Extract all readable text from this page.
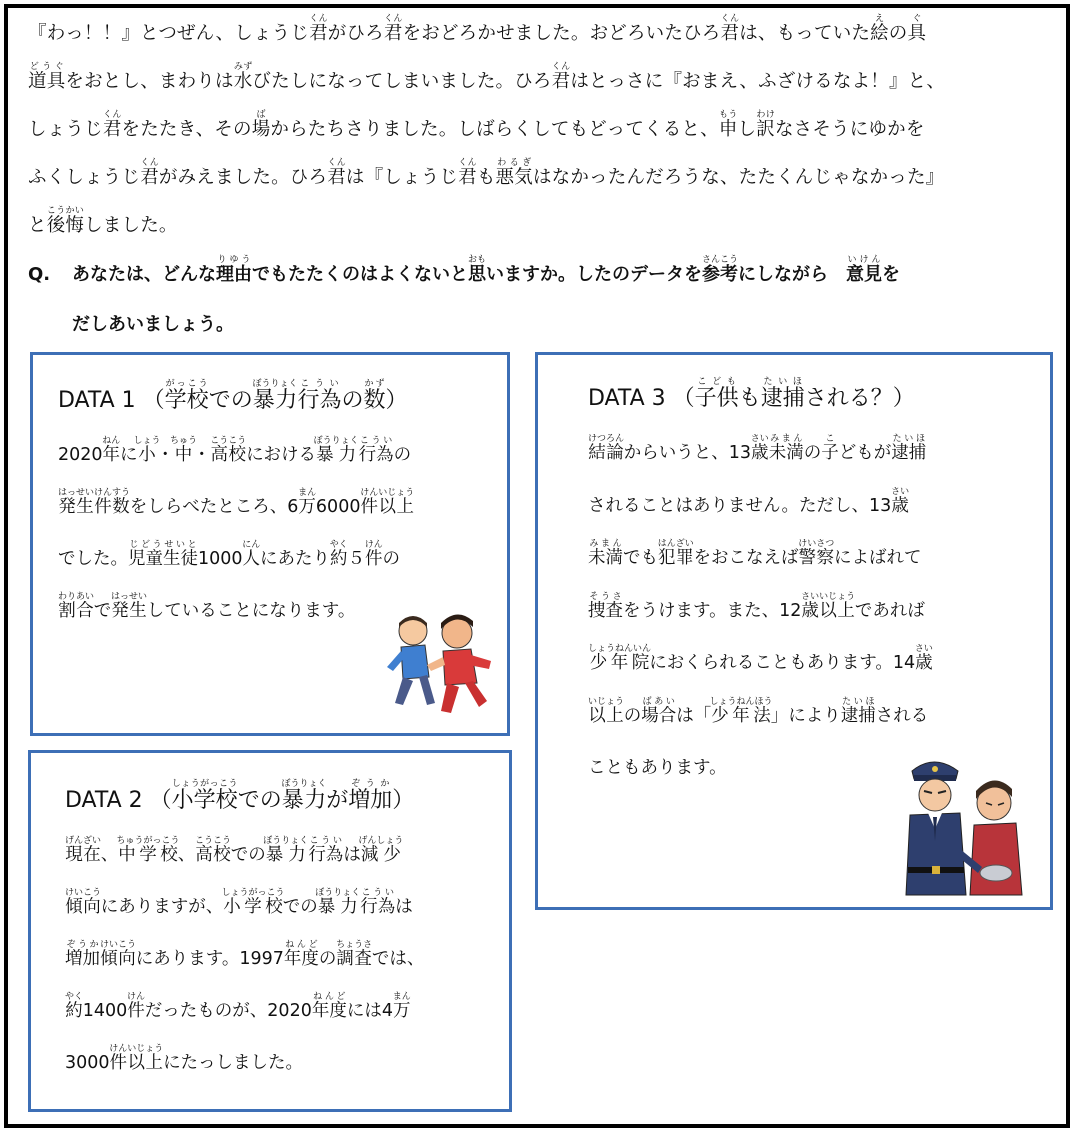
『わっ！！』とつぜん、しょうじ君くんがひろ君くんをおどろかせました。おどろいたひろ君くんは、もっていた絵えの具ぐ

道具どうぐをおとし、まわりは水みずびたしになってしまいました。ひろ君くんはとっさに『おまえ、ふざけるなよ！』と、

しょうじ君くんをたたき、その場ばからたちさりました。しばらくしてもどってくると、申もうし訳わけなさそうにゆかを

ふくしょうじ君くんがみえました。ひろ君くんは『しょうじ君くんも悪気わるぎはなかったんだろうな、たたくんじゃなかった』

と後悔こうかいしました。

Q.	あなたは、どんな理由りゆうでもたたくのはよくないと思おもいますか。したのデータを参考さんこうにしながら　意見いけんを
だしあいましょう。
DATA 1 （学校がっこうでの暴力ぼうりょく行為こういの数かず）

2020年ねんに小しょう・中ちゅう・高校こうこうにおける暴力ぼうりょく行為こういの

発生はっせい件数けんすうをしらべたところ、6万まん6000件けん以上いじょう

でした。児童生徒じどうせいと1000人にんにあたり約やく５件けんの

割合わりあいで発生はっせいしていることになります。

DATA 2 （小学校しょうがっこうでの暴力ぼうりょくが増加ぞうか）

現在げんざい、中学校ちゅうがっこう、高校こうこうでの暴力ぼうりょく行為こういは減少げんしょう

傾向けいこうにありますが、小学校しょうがっこうでの暴力ぼうりょく行為こういは

増加ぞうか傾向けいこうにあります。1997年度ねんどの調査ちょうさでは、

約やく1400件けんだったものが、2020年度ねんどには4万まん

3000件けん以上いじょうにたっしました。

DATA 3 （子供こどもも逮捕たいほされる？）

結論けつろんからいうと、13歳さい未満みまんの子こどもが逮捕たいほ

されることはありません。ただし、13歳さい

未満みまんでも犯罪はんざいをおこなえば警察けいさつによばれて

捜査そうさをうけます。また、12歳さい以上いじょうであれば

少年院しょうねんいんにおくられることもあります。14歳さい

以上いじょうの場合ばあいは「少年法しょうねんほう」により逮捕たいほされる

こともあります。
